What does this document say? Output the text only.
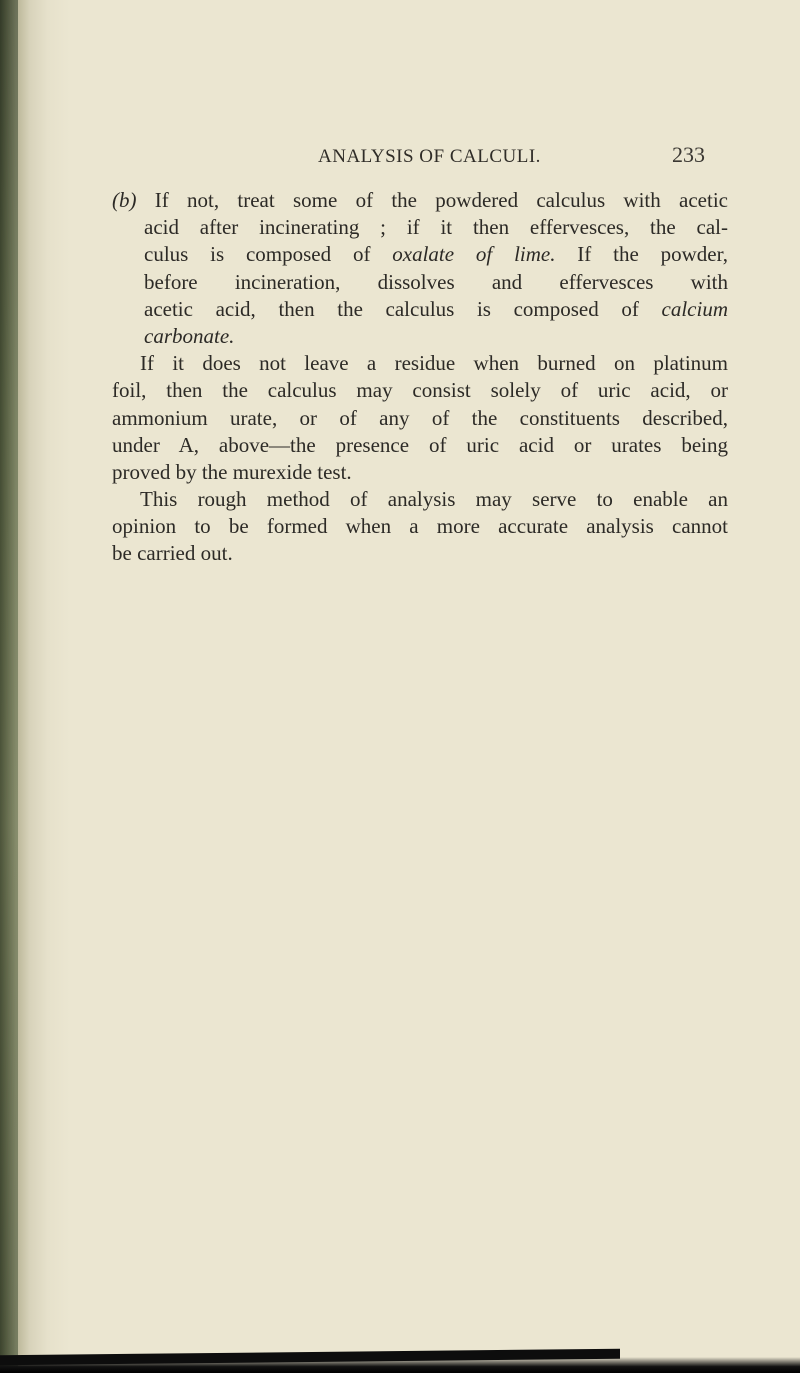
ANALYSIS OF CALCULI.	233
(b) If not, treat some of the powdered calculus with acetic
acid after incinerating ; if it then effervesces, the cal-
culus is composed of oxalate of lime. If the powder,
before incineration, dissolves and effervesces with
acetic acid, then the calculus is composed of calcium
carbonate.
If it does not leave a residue when burned on platinum
foil, then the calculus may consist solely of uric acid, or
ammonium urate, or of any of the constituents described,
under A, above—the presence of uric acid or urates being
proved by the murexide test.
This rough method of analysis may serve to enable an
opinion to be formed when a more accurate analysis cannot
be carried out.
